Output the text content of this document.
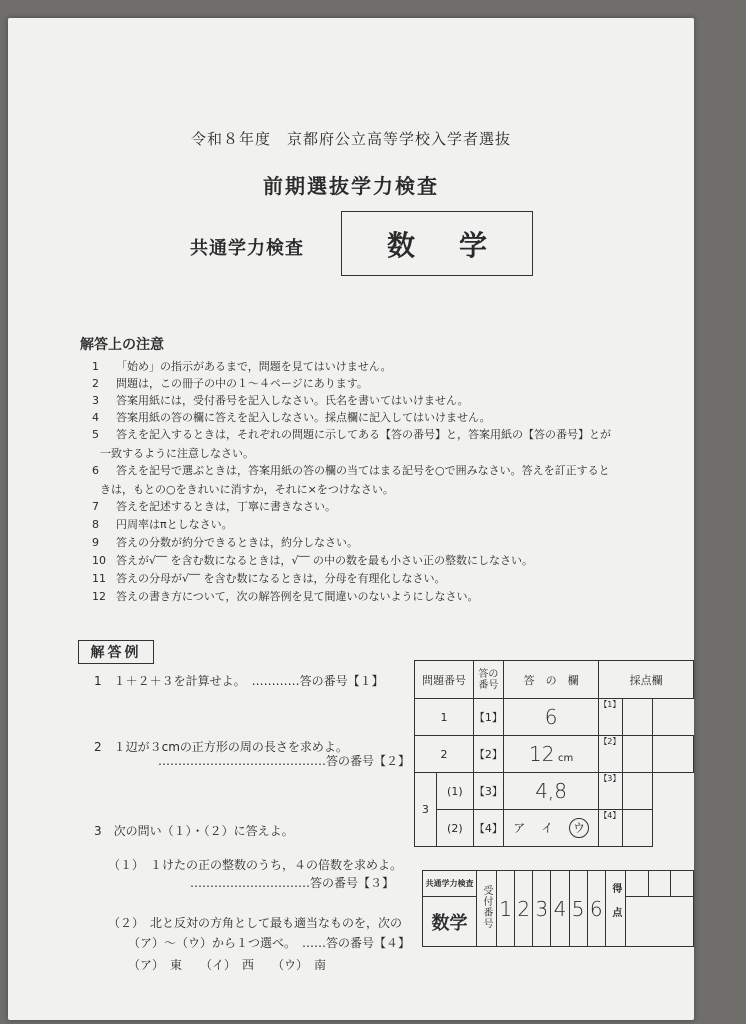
令和８年度　京都府公立高等学校入学者選抜
前期選抜学力検査
共通学力検査	数学
解答上の注意
1 「始め」の指示があるまで，問題を見てはいけません。
2 問題は，この冊子の中の１～４ページにあります。
3 答案用紙には，受付番号を記入しなさい。氏名を書いてはいけません。
4 答案用紙の答の欄に答えを記入しなさい。採点欄に記入してはいけません。
5 答えを記入するときは，それぞれの問題に示してある【答の番号】と，答案用紙の【答の番号】とが
一致するように注意しなさい。
6 答えを記号で選ぶときは，答案用紙の答の欄の当てはまる記号を○で囲みなさい。答えを訂正すると
きは，もとの○をきれいに消すか，それに×をつけなさい。
7 答えを記述するときは，丁寧に書きなさい。
8 円周率はπとしなさい。
9 答えの分数が約分できるときは，約分しなさい。
10 答えが√‾‾ を含む数になるときは，√‾‾ の中の数を最も小さい正の整数にしなさい。
11 答えの分母が√‾‾ を含む数になるときは，分母を有理化しなさい。
12 答えの書き方について，次の解答例を見て間違いのないようにしなさい。
解答例
1　１＋２＋３を計算せよ。　…………答の番号【１】
2　１辺が３cmの正方形の周の長さを求めよ。
……………………………………答の番号【２】
3　次の問い（１）・（２）に答えよ。
（１）　１けたの正の整数のうち，４の倍数を求めよ。
…………………………答の番号【３】
（２）　北と反対の方角として最も適当なものを，次の
（ア）～（ウ）から１つ選べ。　……答の番号【４】
（ア）　東　　（イ）　西　　（ウ）　南
問題番号		答の番号	答　の　欄	採点欄		
1		【1】	6	【1】		
2		【2】	12 cm	【2】		
3	(1)	【3】	4,8	【3】		
	(2)	【4】	ア　 イ　 ウ	【4】		
共通学力検査	受付番号	1	2	3	4	5	6	得点			
数学											
